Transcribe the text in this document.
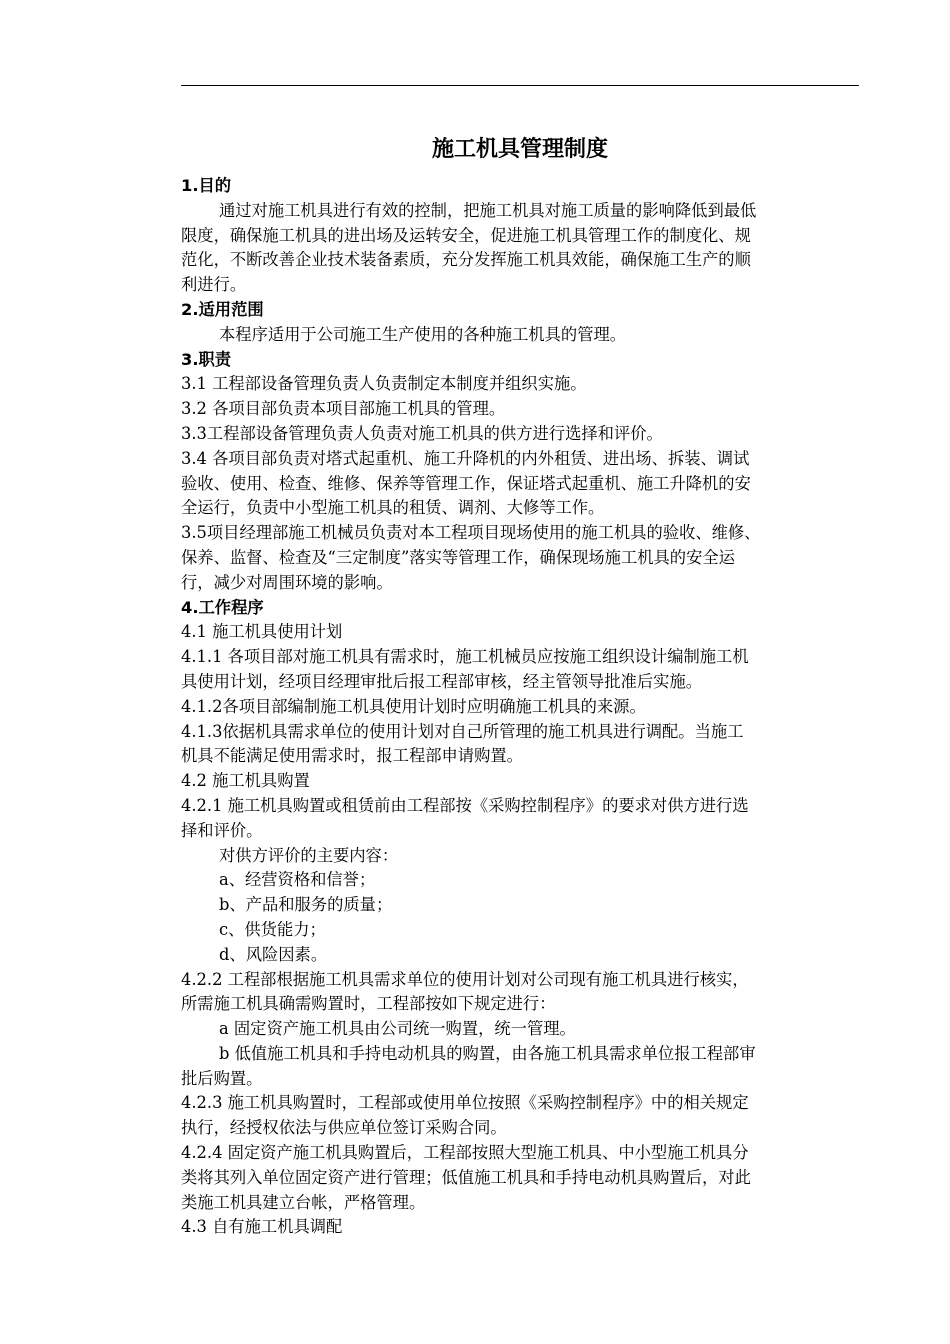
施工机具管理制度
1.目的
通过对施工机具进行有效的控制，把施工机具对施工质量的影响降低到最低
限度，确保施工机具的进出场及运转安全，促进施工机具管理工作的制度化、规
范化，不断改善企业技术装备素质，充分发挥施工机具效能，确保施工生产的顺
利进行。
2.适用范围
本程序适用于公司施工生产使用的各种施工机具的管理。
3.职责
3.1 工程部设备管理负责人负责制定本制度并组织实施。
3.2 各项目部负责本项目部施工机具的管理。
3.3工程部设备管理负责人负责对施工机具的供方进行选择和评价。
3.4 各项目部负责对塔式起重机、施工升降机的内外租赁、进出场、拆装、调试
验收、使用、检查、维修、保养等管理工作，保证塔式起重机、施工升降机的安
全运行，负责中小型施工机具的租赁、调剂、大修等工作。
3.5项目经理部施工机械员负责对本工程项目现场使用的施工机具的验收、维修、
保养、监督、检查及“三定制度”落实等管理工作，确保现场施工机具的安全运
行，减少对周围环境的影响。
4.工作程序
4.1 施工机具使用计划
4.1.1 各项目部对施工机具有需求时，施工机械员应按施工组织设计编制施工机
具使用计划，经项目经理审批后报工程部审核，经主管领导批准后实施。
4.1.2各项目部编制施工机具使用计划时应明确施工机具的来源。
4.1.3依据机具需求单位的使用计划对自己所管理的施工机具进行调配。当施工
机具不能满足使用需求时，报工程部申请购置。
4.2 施工机具购置
4.2.1 施工机具购置或租赁前由工程部按《采购控制程序》的要求对供方进行选
择和评价。
对供方评价的主要内容：
a、经营资格和信誉；
b、产品和服务的质量；
c、供货能力；
d、风险因素。
4.2.2 工程部根据施工机具需求单位的使用计划对公司现有施工机具进行核实，
所需施工机具确需购置时，工程部按如下规定进行：
a 固定资产施工机具由公司统一购置，统一管理。
b 低值施工机具和手持电动机具的购置，由各施工机具需求单位报工程部审
批后购置。
4.2.3 施工机具购置时，工程部或使用单位按照《采购控制程序》中的相关规定
执行，经授权依法与供应单位签订采购合同。
4.2.4 固定资产施工机具购置后，工程部按照大型施工机具、中小型施工机具分
类将其列入单位固定资产进行管理；低值施工机具和手持电动机具购置后，对此
类施工机具建立台帐，严格管理。
4.3 自有施工机具调配
